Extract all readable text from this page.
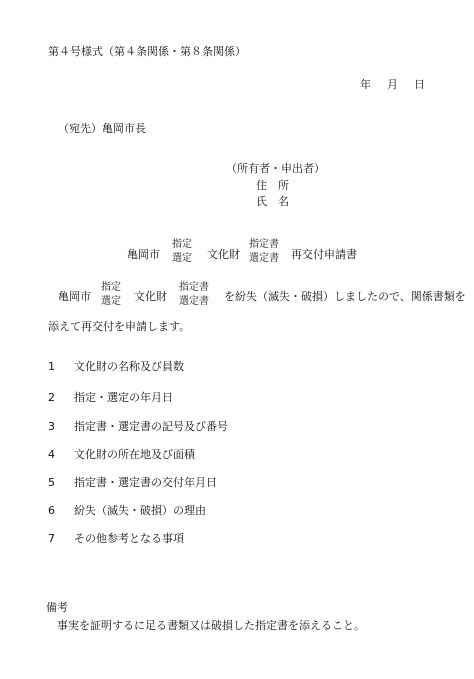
第４号様式（第４条関係・第８条関係）
年 月 日
（宛先）亀岡市長
（所有者・申出者）
住　所
氏　名
亀岡市
指定
選定 文化財
指定書
選定書 再交付申請書
亀岡市
指定
選定 文化財
指定書
選定書 を紛失（滅失・破損）しましたので、関係書類を
添えて再交付を申請します。
1 文化財の名称及び員数
2 指定・選定の年月日
3 指定書・選定書の記号及び番号
4 文化財の所在地及び面積
5 指定書・選定書の交付年月日
6 紛失（滅失・破損）の理由
7 その他参考となる事項
備考
事実を証明するに足る書類又は破損した指定書を添えること。
